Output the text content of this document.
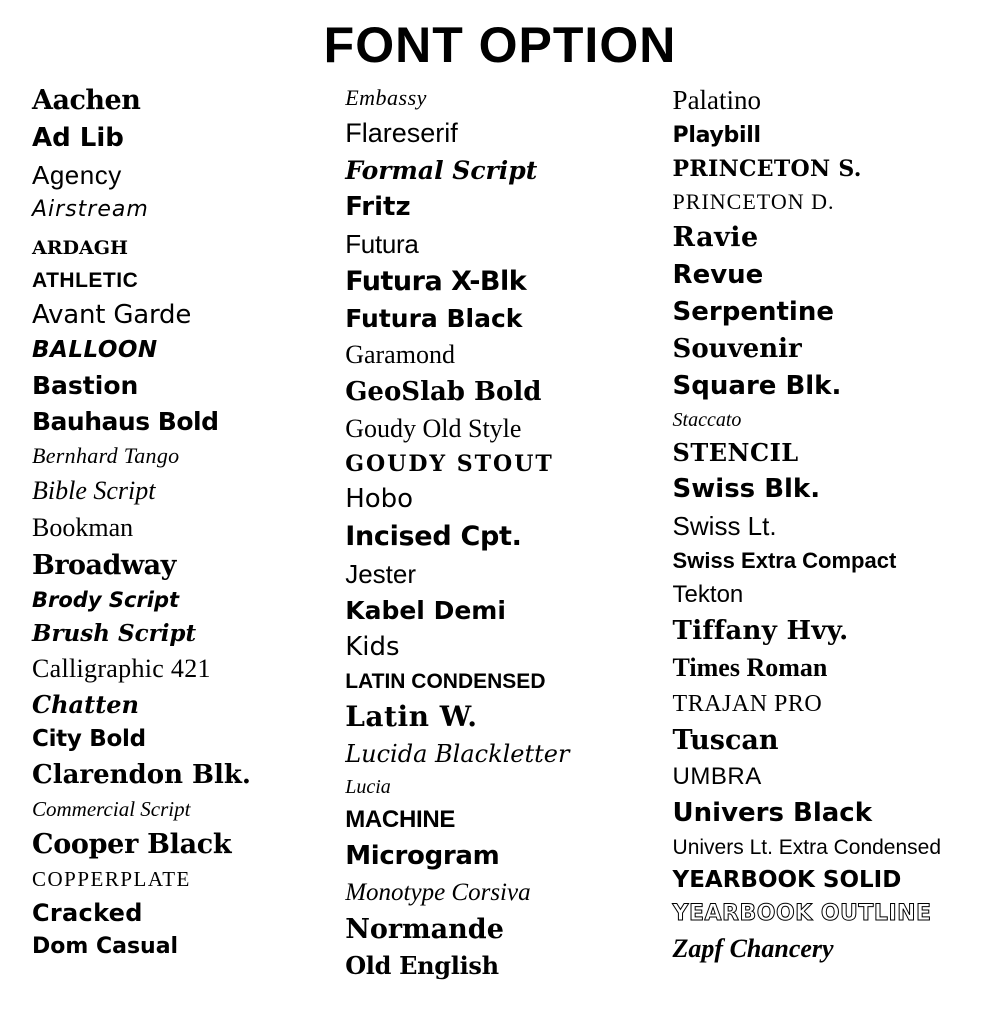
FONT OPTION
Aachen
Ad Lib
Agency
Airstream
ardagh
ATHLETIC
Avant Garde
BALLOON
Bastion
Bauhaus Bold
Bernhard Tango
Bible Script
Bookman
Broadway
Brody Script
Brush Script
Calligraphic 421
Chatten
City Bold
Clarendon Blk.
Commercial Script
Cooper Black
COPPERPLATE
Cracked
Dom Casual
Embassy
Flareserif
Formal Script
Fritz
Futura
Futura X-Blk
Futura Black
Garamond
GeoSlab Bold
Goudy Old Style
GOUDY STOUT
Hobo
Incised Cpt.
Jester
Kabel Demi
Kids
LATIN CONDENSED
Latin W.
Lucida Blackletter
Lucia
MACHINE
Microgram
Monotype Corsiva
Normande
Old English
Palatino
Playbill
PRINCETON S.
PRINCETON D.
Ravie
Revue
Serpentine
Souvenir
Square Blk.
Staccato
STENCIL
Swiss Blk.
Swiss Lt.
Swiss Extra Compact
Tekton
Tiffany Hvy.
Times Roman
TRAJAN PRO
Tuscan
UMBRA
Univers Black
Univers Lt. Extra Condensed
YEARBOOK SOLID
YEARBOOK OUTLINE
Zapf Chancery
